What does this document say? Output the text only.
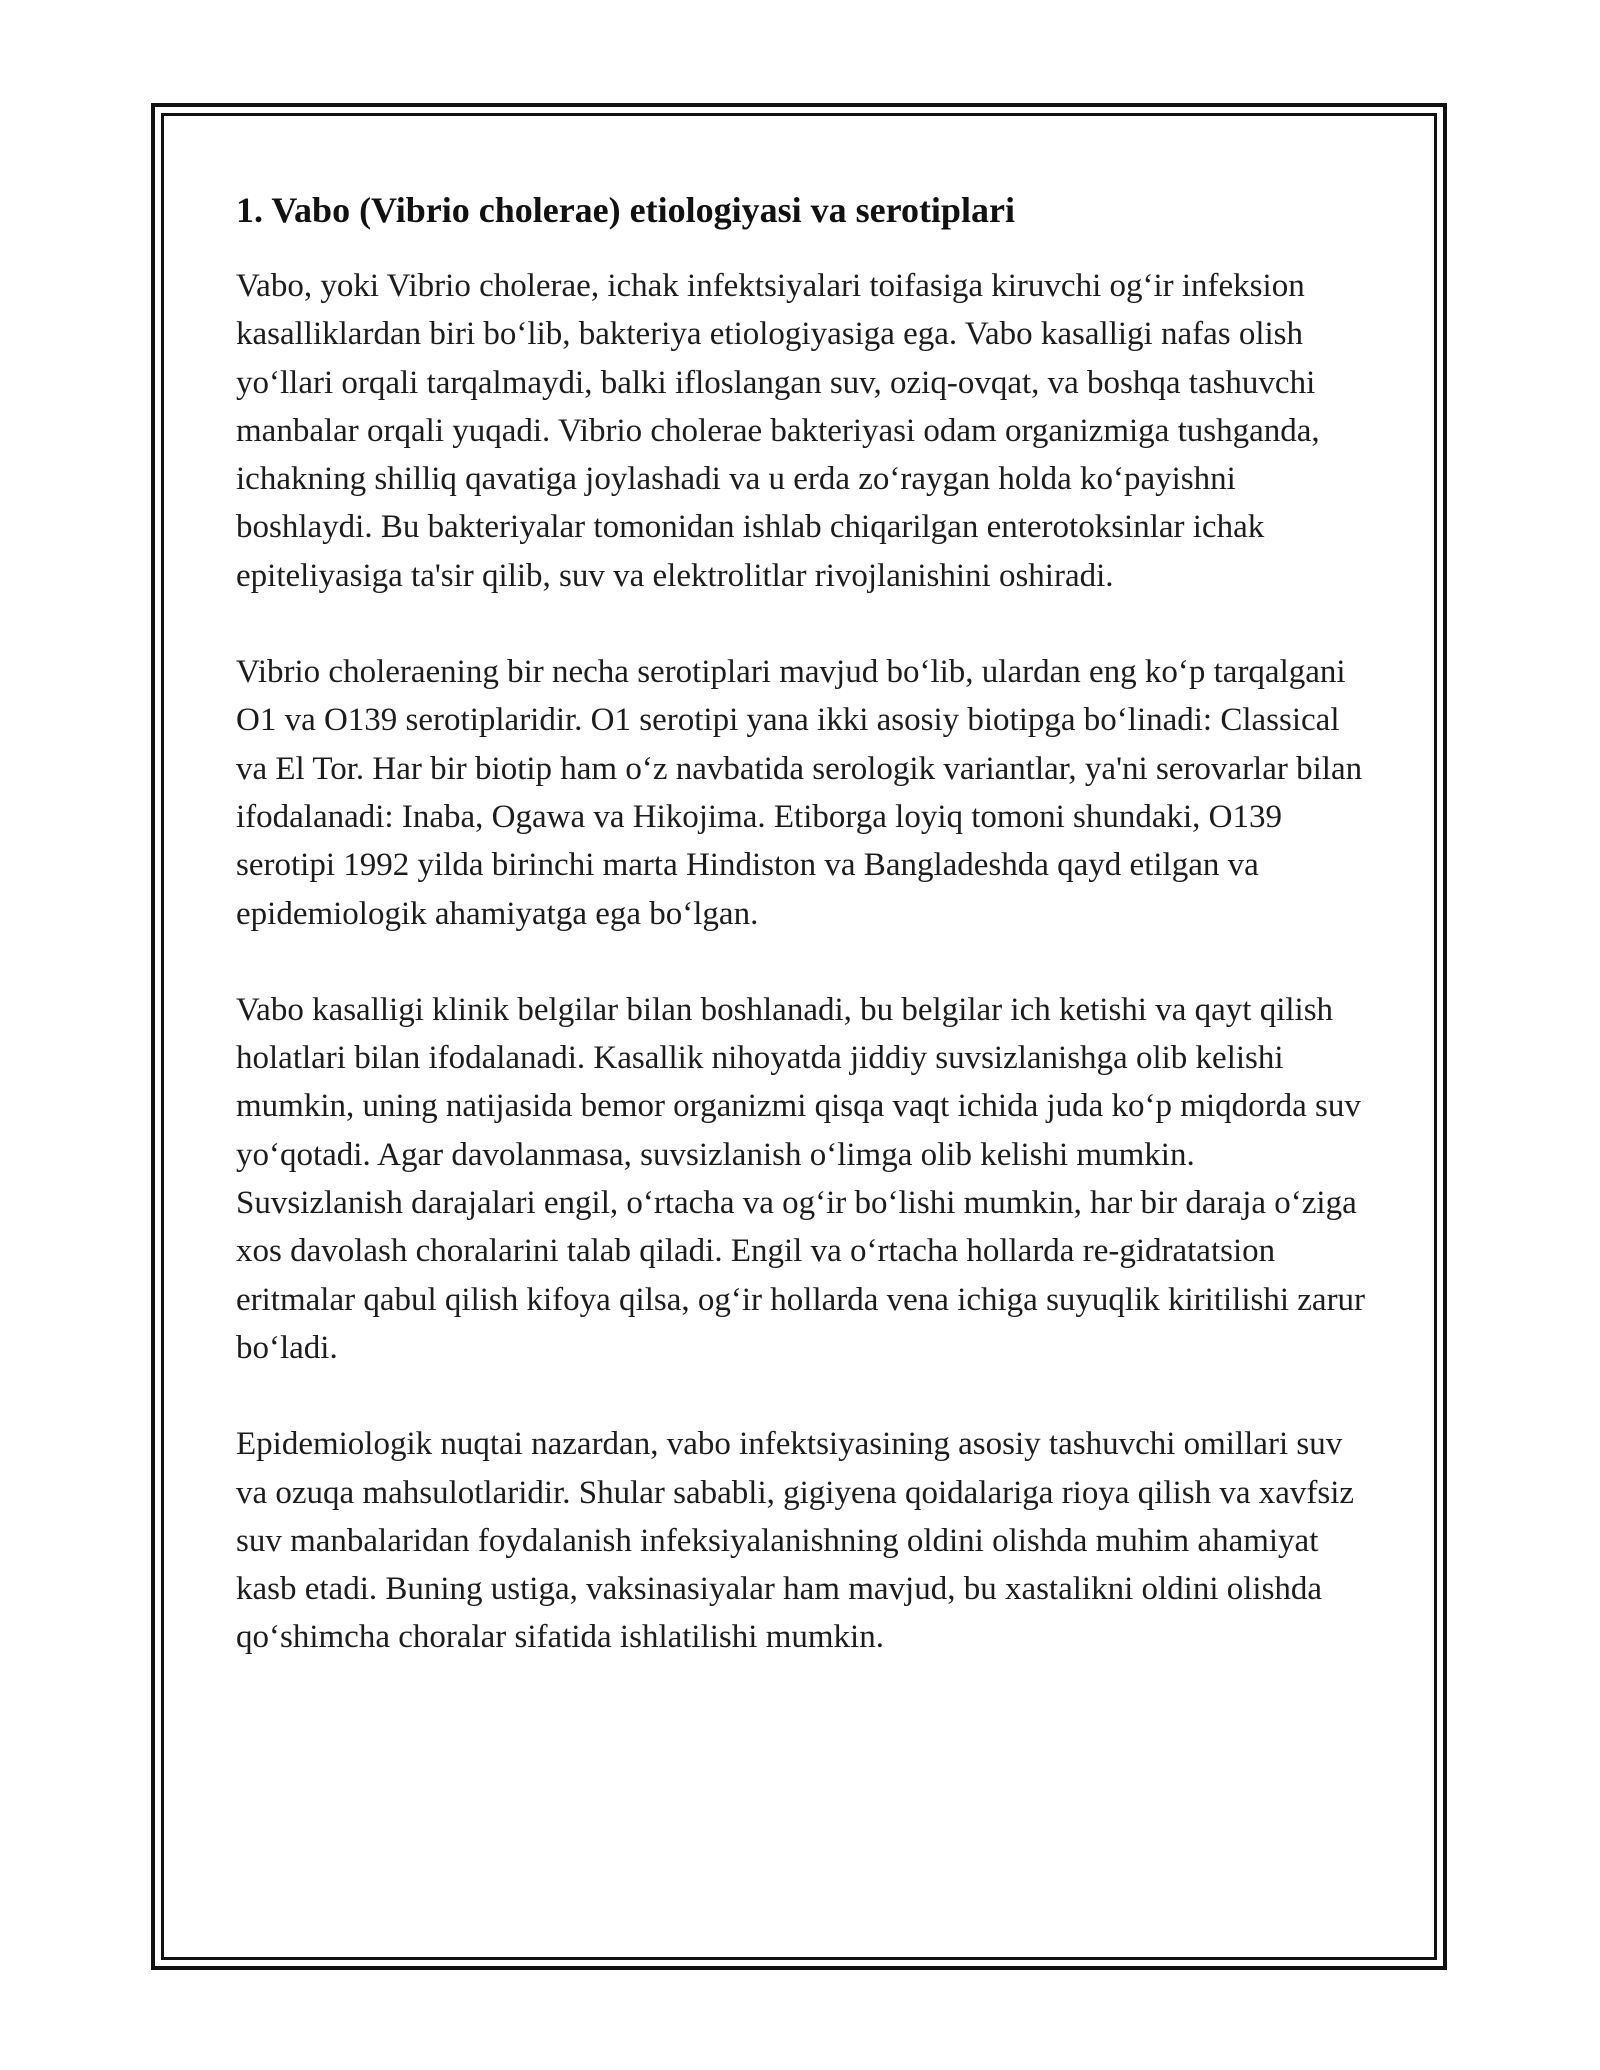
1. Vabo (Vibrio cholerae) etiologiyasi va serotiplari

Vabo, yoki Vibrio cholerae, ichak infektsiyalari toifasiga kiruvchi og‘ir infeksion kasalliklardan biri bo‘lib, bakteriya etiologiyasiga ega. Vabo kasalligi nafas olish yo‘llari orqali tarqalmaydi, balki ifloslangan suv, oziq-ovqat, va boshqa tashuvchi manbalar orqali yuqadi. Vibrio cholerae bakteriyasi odam organizmiga tushganda, ichakning shilliq qavatiga joylashadi va u erda zo‘raygan holda ko‘payishni boshlaydi. Bu bakteriyalar tomonidan ishlab chiqarilgan enterotoksinlar ichak epiteliyasiga ta'sir qilib, suv va elektrolitlar rivojlanishini oshiradi.

Vibrio choleraening bir necha serotiplari mavjud bo‘lib, ulardan eng ko‘p tarqalgani O1 va O139 serotiplaridir. O1 serotipi yana ikki asosiy biotipga bo‘linadi: Classical va El Tor. Har bir biotip ham o‘z navbatida serologik variantlar, ya'ni serovarlar bilan ifodalanadi: Inaba, Ogawa va Hikojima. Etiborga loyiq tomoni shundaki, O139 serotipi 1992 yilda birinchi marta Hindiston va Bangladeshda qayd etilgan va epidemiologik ahamiyatga ega bo‘lgan.

Vabo kasalligi klinik belgilar bilan boshlanadi, bu belgilar ich ketishi va qayt qilish holatlari bilan ifodalanadi. Kasallik nihoyatda jiddiy suvsizlanishga olib kelishi mumkin, uning natijasida bemor organizmi qisqa vaqt ichida juda ko‘p miqdorda suv yo‘qotadi. Agar davolanmasa, suvsizlanish o‘limga olib kelishi mumkin. Suvsizlanish darajalari engil, o‘rtacha va og‘ir bo‘lishi mumkin, har bir daraja o‘ziga xos davolash choralarini talab qiladi. Engil va o‘rtacha hollarda re-gidratatsion eritmalar qabul qilish kifoya qilsa, og‘ir hollarda vena ichiga suyuqlik kiritilishi zarur bo‘ladi.

Epidemiologik nuqtai nazardan, vabo infektsiyasining asosiy tashuvchi omillari suv va ozuqa mahsulotlaridir. Shular sababli, gigiyena qoidalariga rioya qilish va xavfsiz suv manbalaridan foydalanish infeksiyalanishning oldini olishda muhim ahamiyat kasb etadi. Buning ustiga, vaksinasiyalar ham mavjud, bu xastalikni oldini olishda qo‘shimcha choralar sifatida ishlatilishi mumkin.
